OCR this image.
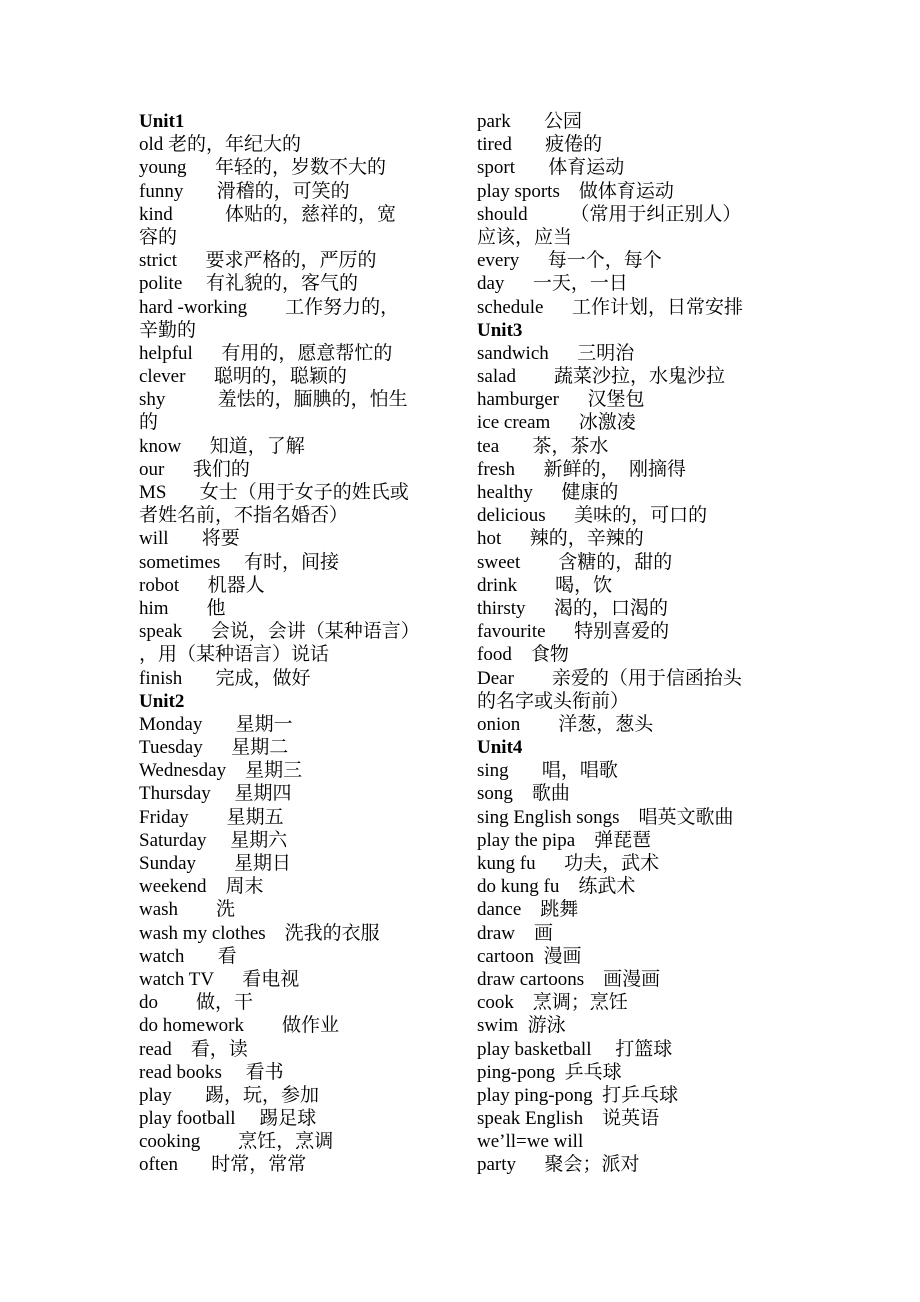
Unit1
old 老的，年纪大的
young      年轻的，岁数不大的
funny       滑稽的，可笑的
kind           体贴的，慈祥的，宽
容的
strict      要求严格的，严厉的
polite     有礼貌的，客气的
hard -working        工作努力的，
辛勤的
helpful      有用的，愿意帮忙的
clever      聪明的，聪颖的
shy           羞怯的，腼腆的，怕生
的
know      知道，了解
our      我们的
MS       女士（用于女子的姓氏或
者姓名前，不指名婚否）
will       将要
sometimes     有时，间接
robot      机器人
him        他
speak      会说，会讲（某种语言）
，用（某种语言）说话
finish       完成，做好
Unit2
Monday       星期一
Tuesday      星期二
Wednesday    星期三
Thursday     星期四
Friday        星期五
Saturday     星期六
Sunday        星期日
weekend    周末
wash        洗
wash my clothes    洗我的衣服
watch       看
watch TV      看电视
do        做，干
do homework        做作业
read    看，读
read books     看书
play       踢，玩，参加
play football     踢足球
cooking        烹饪，烹调
often       时常，常常
park       公园
tired       疲倦的
sport       体育运动
play sports    做体育运动
should         （常用于纠正别人）
应该，应当
every      每一个，每个
day      一天，一日
schedule      工作计划，日常安排
Unit3
sandwich      三明治
salad        蔬菜沙拉，水鬼沙拉
hamburger      汉堡包
ice cream      冰激凌
tea       茶，茶水
fresh      新鲜的，  刚摘得
healthy      健康的
delicious      美味的，可口的
hot      辣的，辛辣的
sweet        含糖的，甜的
drink        喝，饮
thirsty      渴的，口渴的
favourite      特别喜爱的
food    食物
Dear        亲爱的（用于信函抬头
的名字或头衔前）
onion        洋葱，葱头
Unit4
sing       唱，唱歌
song    歌曲
sing English songs    唱英文歌曲
play the pipa    弹琵琶
kung fu      功夫，武术
do kung fu    练武术
dance    跳舞
draw    画
cartoon  漫画
draw cartoons    画漫画
cook    烹调；烹饪
swim  游泳
play basketball     打篮球
ping-pong  乒乓球
play ping-pong  打乒乓球
speak English    说英语
we’ll=we will
party      聚会；派对
